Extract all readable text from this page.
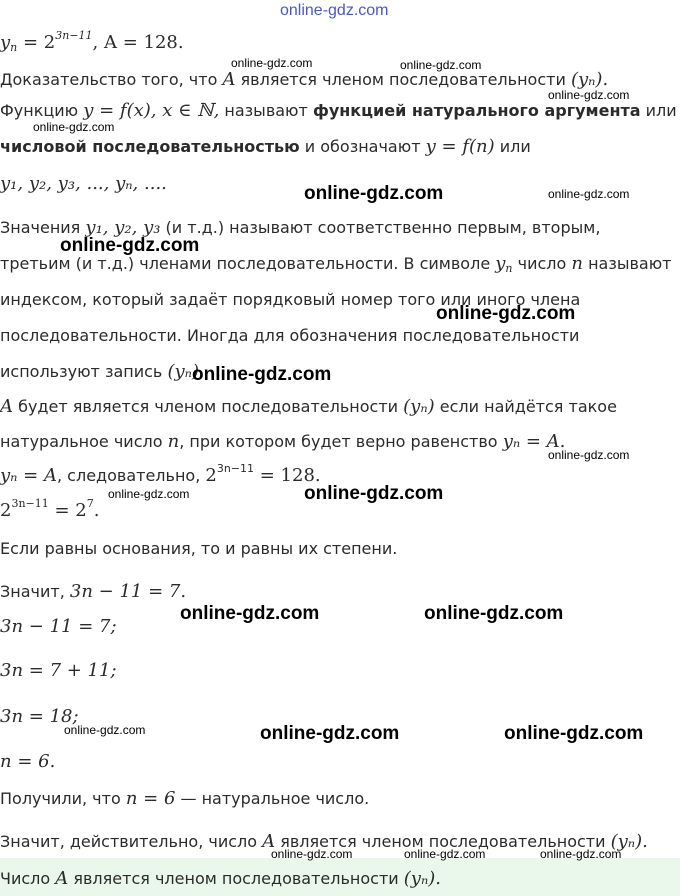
online-gdz.com
$y_n = 2^{3n-11}$, A = 128.
Доказательство того, что A является членом последовательности (yₙ).
Функцию y = f(x), x ∈ ℕ, называют функцией натурального аргумента или
числовой последовательностью и обозначают y = f(n) или
y₁, y₂, y₃, ..., yₙ, ....
Значения y₁, y₂, y₃ (и т.д.) называют соответственно первым, вторым,
третьим (и т.д.) членами последовательности. В символе $y_n$ число n называют
индексом, который задаёт порядковый номер того или иного члена
последовательности. Иногда для обозначения последовательности
используют запись (yₙ)
A будет является членом последовательности (yₙ) если найдётся такое
натуральное число n, при котором будет верно равенство yₙ = A.
yₙ = A, следовательно, $2^{3n-11} = 128$.
$2^{3n-11} = 2^7$.
Если равны основания, то и равны их степени.
Значит, 3n − 11 = 7.
3n − 11 = 7;
3n = 7 + 11;
3n = 18;
n = 6.
Получили, что n = 6 — натуральное число.
Значит, действительно, число A является членом последовательности (yₙ).
Число A является членом последовательности (yₙ).
online-gdz.com	online-gdz.com
online-gdz.com
online-gdz.com
online-gdz.com	online-gdz.com
online-gdz.com
online-gdz.com
online-gdz.com
online-gdz.com
online-gdz.com	online-gdz.com
online-gdz.com	online-gdz.com
online-gdz.com	online-gdz.com	online-gdz.com
online-gdz.com	online-gdz.com	online-gdz.com
